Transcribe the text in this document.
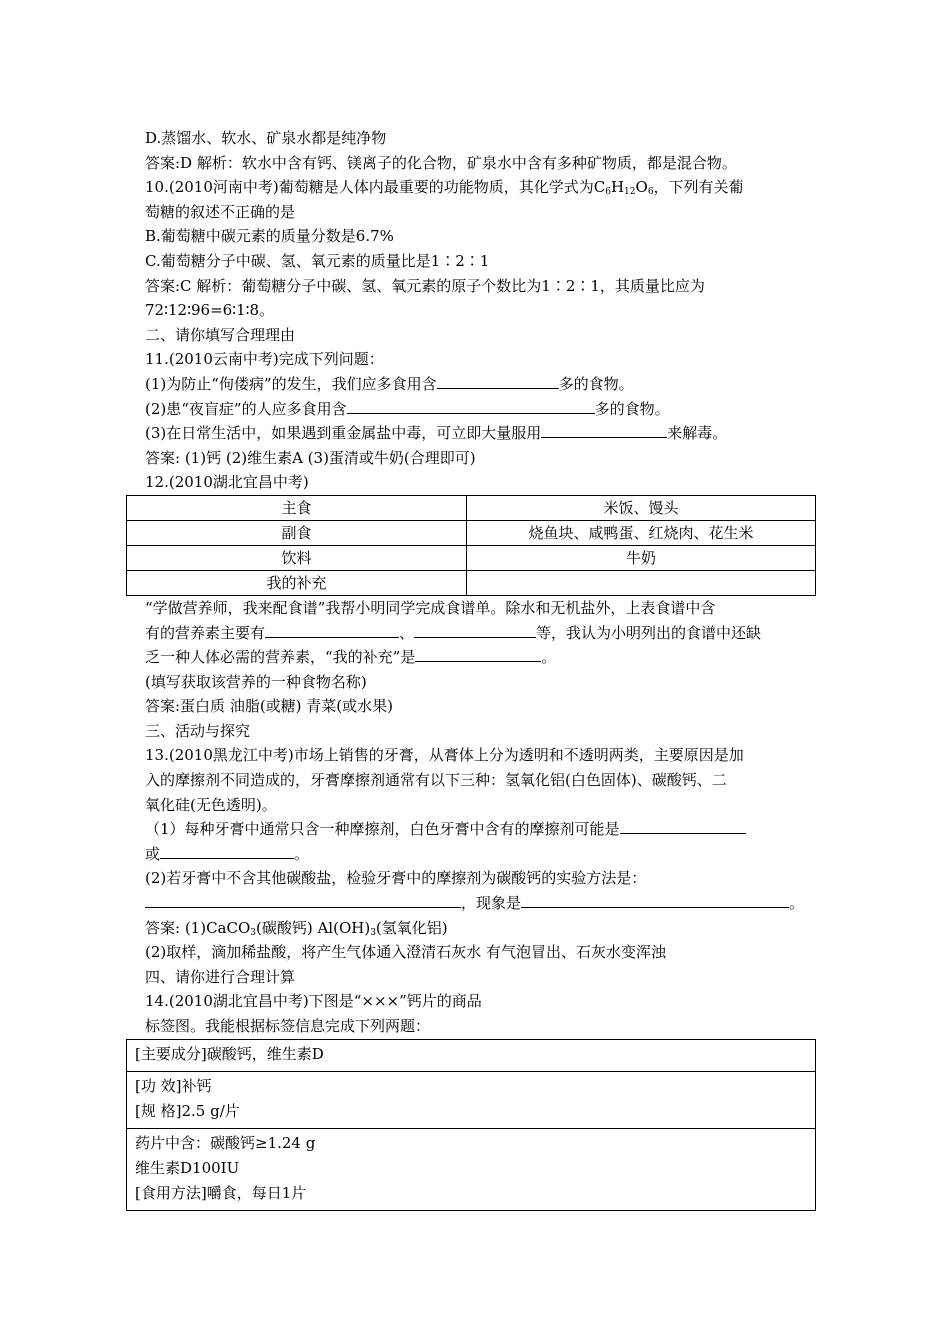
D.蒸馏水、软水、矿泉水都是纯净物
答案:D 解析：软水中含有钙、镁离子的化合物，矿泉水中含有多种矿物质，都是混合物。
10.(2010河南中考)葡萄糖是人体内最重要的功能物质，其化学式为$C_6H_{12}O_6$，下列有关葡
萄糖的叙述不正确的是
B.葡萄糖中碳元素的质量分数是6.7%
C.葡萄糖分子中碳、氢、氧元素的质量比是1∶2∶1
答案:C 解析：葡萄糖分子中碳、氢、氧元素的原子个数比为1∶2∶1，其质量比应为
72∶12∶96=6∶1∶8。
二、请你填写合理理由
11.(2010云南中考)完成下列问题：
(1)为防止“佝偻病”的发生，我们应多食用含	多的食物。
(2)患“夜盲症”的人应多食用含	多的食物。
(3)在日常生活中，如果遇到重金属盐中毒，可立即大量服用	来解毒。
答案: (1)钙 (2)维生素A (3)蛋清或牛奶(合理即可)
12.(2010湖北宜昌中考)
主食	米饭、馒头
副食	烧鱼块、咸鸭蛋、红烧肉、花生米
饮料	牛奶
我的补充	
“学做营养师，我来配食谱”我帮小明同学完成食谱单。除水和无机盐外，上表食谱中含
有的营养素主要有	、	等，我认为小明列出的食谱中还缺
乏一种人体必需的营养素，“我的补充”是	。
(填写获取该营养的一种食物名称)
答案:蛋白质 油脂(或糖) 青菜(或水果)
三、活动与探究
13.(2010黑龙江中考)市场上销售的牙膏，从膏体上分为透明和不透明两类，主要原因是加
入的摩擦剂不同造成的，牙膏摩擦剂通常有以下三种：氢氧化铝(白色固体)、碳酸钙、二
氧化硅(无色透明)。
（1）每种牙膏中通常只含一种摩擦剂，白色牙膏中含有的摩擦剂可能是
或	。
(2)若牙膏中不含其他碳酸盐，检验牙膏中的摩擦剂为碳酸钙的实验方法是：
，现象是	。
答案: (1)CaCO$_3$(碳酸钙) $Al(OH)_3$(氢氧化铝)
(2)取样，滴加稀盐酸，将产生气体通入澄清石灰水 有气泡冒出、石灰水变浑浊
四、请你进行合理计算
14.(2010湖北宜昌中考)下图是“×××”钙片的商品
标签图。我能根据标签信息完成下列两题：
[主要成分]碳酸钙，维生素D

[功 效]补钙
[规 格]2.5 g/片

药片中含：碳酸钙≥1.24 g
维生素D100IU
[食用方法]嚼食，每日1片
